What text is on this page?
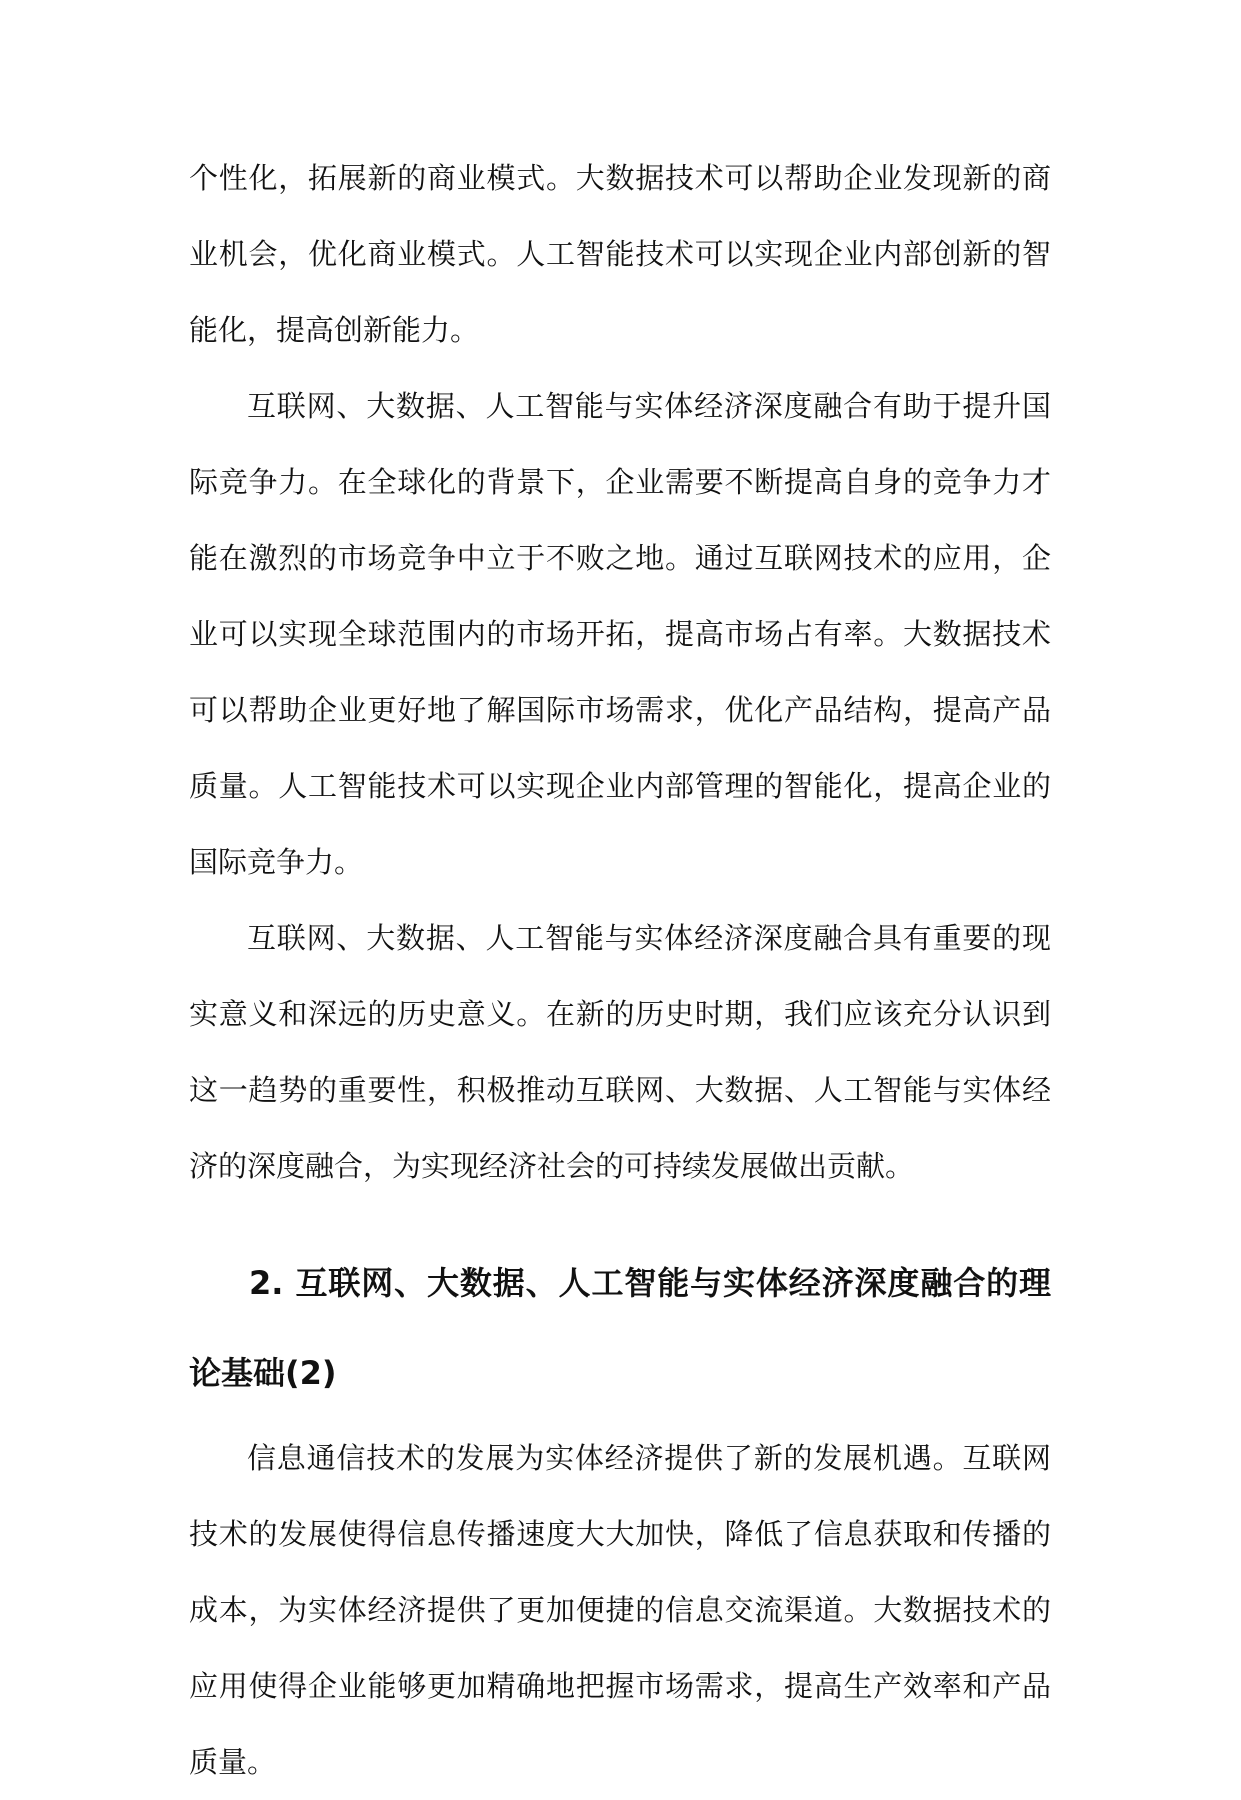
个性化，拓展新的商业模式。大数据技术可以帮助企业发现新的商业机会，优化商业模式。人工智能技术可以实现企业内部创新的智能化，提高创新能力。

互联网、大数据、人工智能与实体经济深度融合有助于提升国际竞争力。在全球化的背景下，企业需要不断提高自身的竞争力才能在激烈的市场竞争中立于不败之地。通过互联网技术的应用，企业可以实现全球范围内的市场开拓，提高市场占有率。大数据技术可以帮助企业更好地了解国际市场需求，优化产品结构，提高产品质量。人工智能技术可以实现企业内部管理的智能化，提高企业的国际竞争力。

互联网、大数据、人工智能与实体经济深度融合具有重要的现实意义和深远的历史意义。在新的历史时期，我们应该充分认识到这一趋势的重要性，积极推动互联网、大数据、人工智能与实体经济的深度融合，为实现经济社会的可持续发展做出贡献。

2. 互联网、大数据、人工智能与实体经济深度融合的理论基础(2)

信息通信技术的发展为实体经济提供了新的发展机遇。互联网技术的发展使得信息传播速度大大加快，降低了信息获取和传播的成本，为实体经济提供了更加便捷的信息交流渠道。大数据技术的应用使得企业能够更加精确地把握市场需求，提高生产效率和产品质量。
